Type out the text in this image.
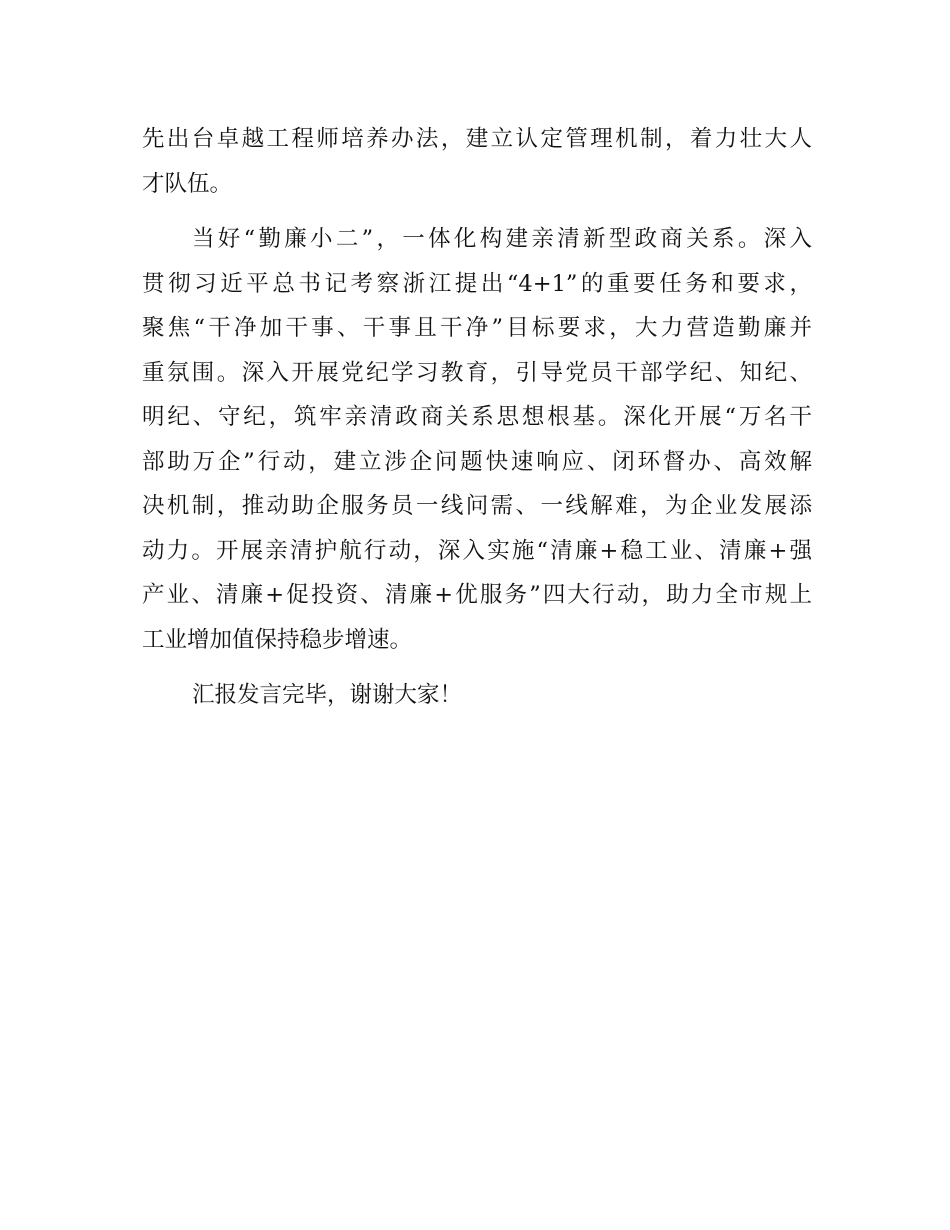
先出台卓越工程师培养办法，建立认定管理机制，着力壮大人
才队伍。
当好“勤廉小二”，一体化构建亲清新型政商关系。深入
贯彻习近平总书记考察浙江提出“4+1”的重要任务和要求，
聚焦“干净加干事、干事且干净”目标要求，大力营造勤廉并
重氛围。深入开展党纪学习教育，引导党员干部学纪、知纪、
明纪、守纪，筑牢亲清政商关系思想根基。深化开展“万名干
部助万企”行动，建立涉企问题快速响应、闭环督办、高效解
决机制，推动助企服务员一线问需、一线解难，为企业发展添
动力。开展亲清护航行动，深入实施“清廉+稳工业、清廉+强
产业、清廉+促投资、清廉+优服务”四大行动，助力全市规上
工业增加值保持稳步增速。
汇报发言完毕，谢谢大家！
